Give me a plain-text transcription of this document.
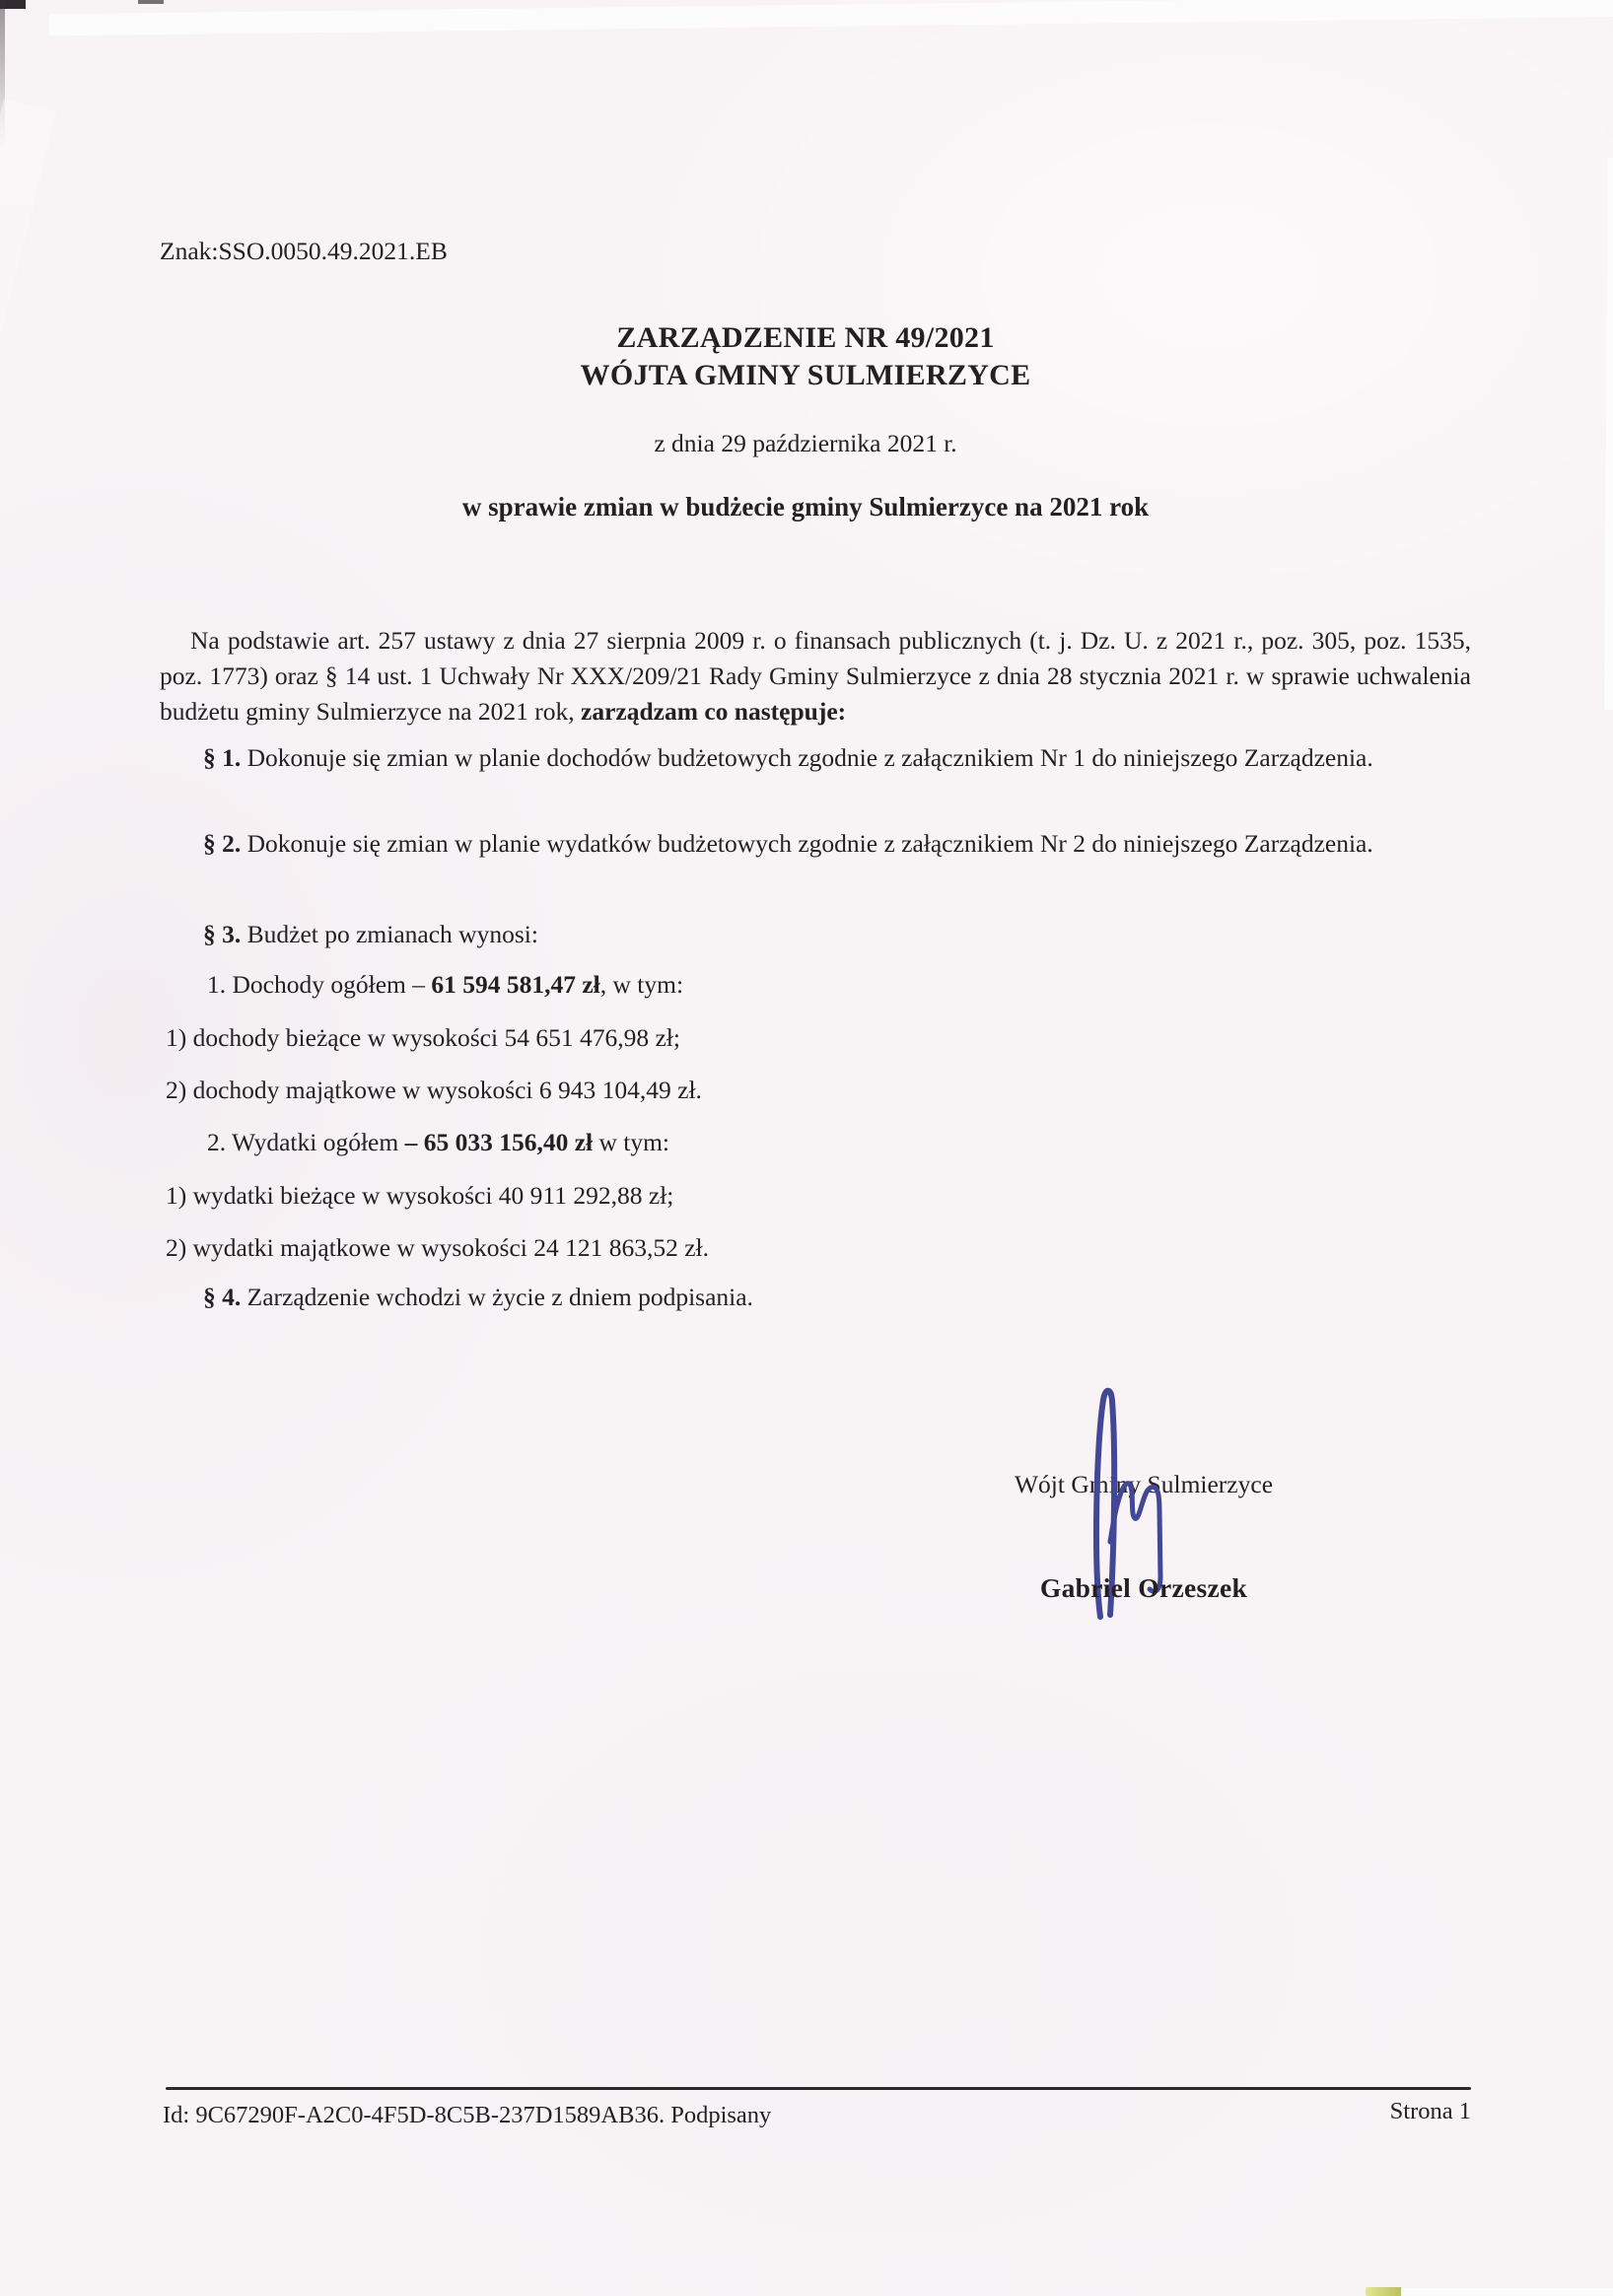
Znak:SSO.0050.49.2021.EB
ZARZĄDZENIE NR 49/2021
WÓJTA GMINY SULMIERZYCE
z dnia 29 października 2021 r.
w sprawie zmian w budżecie gminy Sulmierzyce na 2021 rok

Na podstawie art. 257 ustawy z dnia 27 sierpnia 2009 r. o finansach publicznych (t. j. Dz. U. z 2021 r., poz. 305, poz. 1535, poz. 1773) oraz § 14 ust. 1 Uchwały Nr XXX/209/21 Rady Gminy Sulmierzyce z dnia 28 stycznia 2021 r. w sprawie uchwalenia budżetu gminy Sulmierzyce na 2021 rok, zarządzam co następuje:

§ 1. Dokonuje się zmian w planie dochodów budżetowych zgodnie z załącznikiem Nr 1 do niniejszego Zarządzenia.

§ 2. Dokonuje się zmian w planie wydatków budżetowych zgodnie z załącznikiem Nr 2 do niniejszego Zarządzenia.

§ 3. Budżet po zmianach wynosi:

1. Dochody ogółem – 61 594 581,47 zł, w tym:

1) dochody bieżące w wysokości 54 651 476,98 zł;

2) dochody majątkowe w wysokości 6 943 104,49 zł.

2. Wydatki ogółem – 65 033 156,40 zł w tym:

1) wydatki bieżące w wysokości 40 911 292,88 zł;

2) wydatki majątkowe w wysokości 24 121 863,52 zł.

§ 4. Zarządzenie wchodzi w życie z dniem podpisania.

Wójt Gminy Sulmierzyce
Gabriel Orzeszek
Id: 9C67290F-A2C0-4F5D-8C5B-237D1589AB36. Podpisany	Strona 1
